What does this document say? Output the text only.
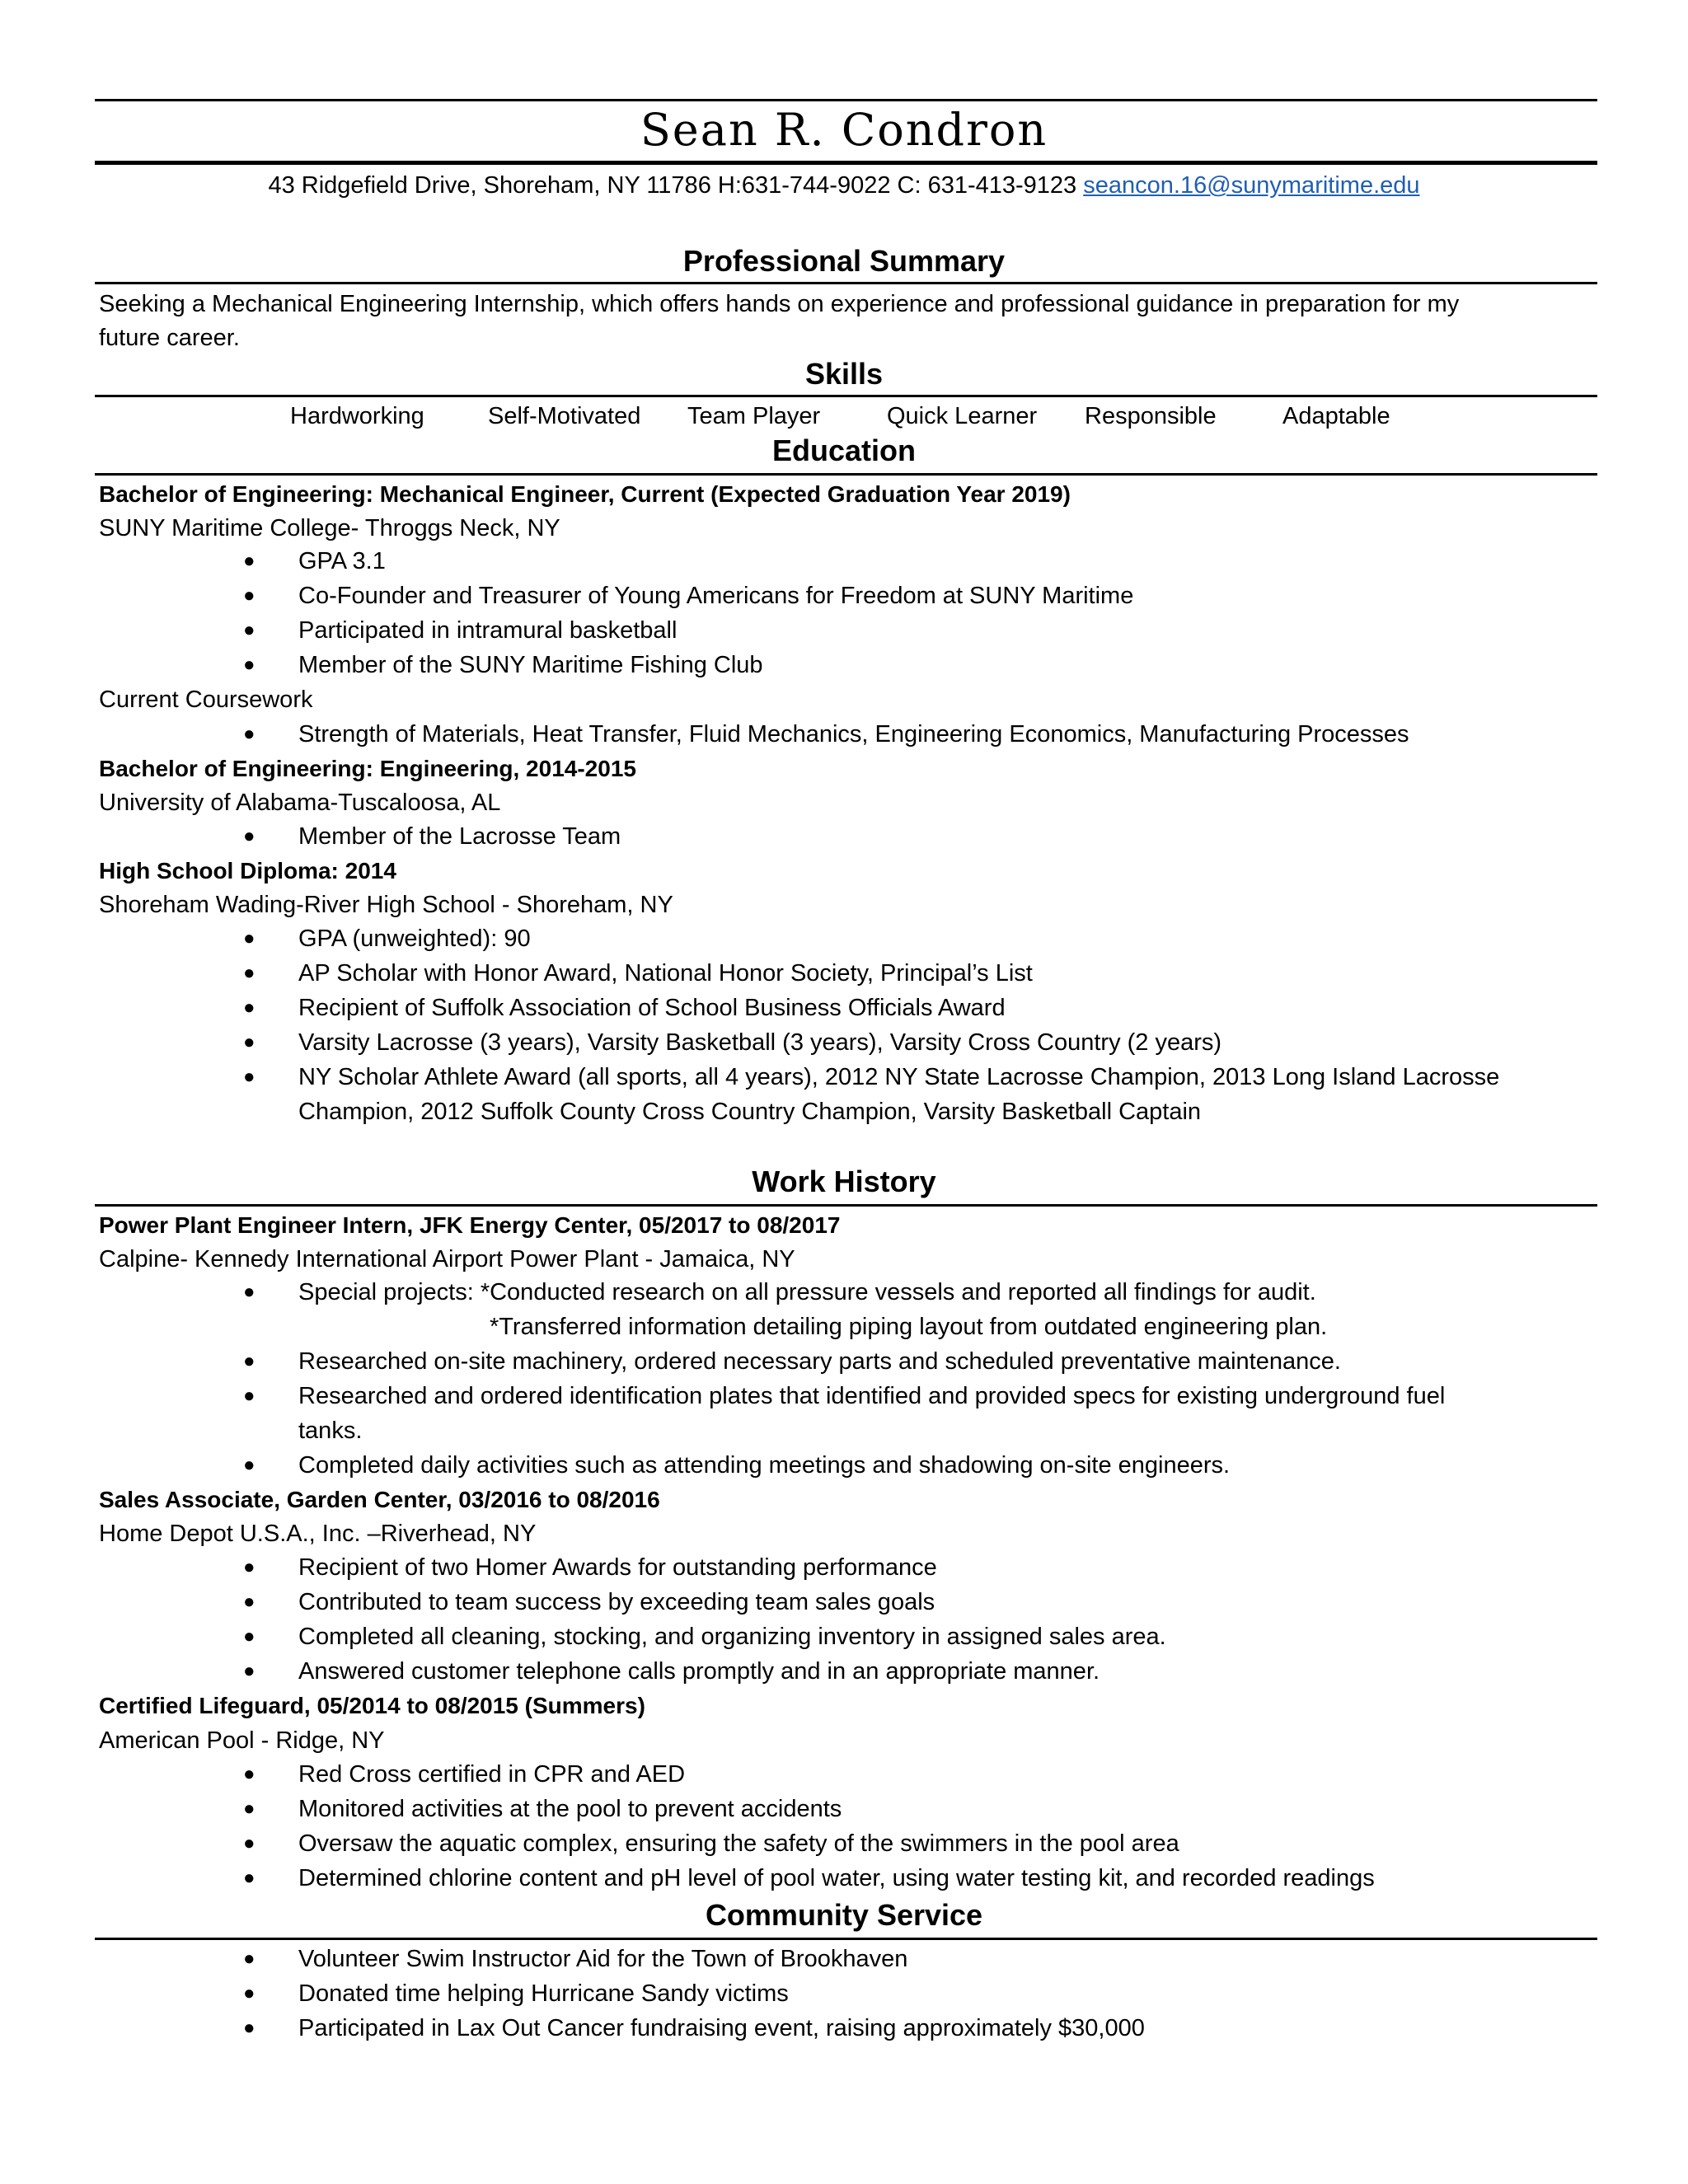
Sean R. Condron
43 Ridgefield Drive, Shoreham, NY 11786 H:631-744-9022 C: 631-413-9123 seancon.16@sunymaritime.edu
Professional Summary
Seeking a Mechanical Engineering Internship, which offers hands on experience and professional guidance in preparation for my
future career.
Skills
Hardworking	Self-Motivated Team Player	Quick Learner Responsible	Adaptable
Education
Bachelor of Engineering: Mechanical Engineer, Current (Expected Graduation Year 2019)
SUNY Maritime College- Throggs Neck, NY
● GPA 3.1
● Co-Founder and Treasurer of Young Americans for Freedom at SUNY Maritime
● Participated in intramural basketball
● Member of the SUNY Maritime Fishing Club
Current Coursework
● Strength of Materials, Heat Transfer, Fluid Mechanics, Engineering Economics, Manufacturing Processes
Bachelor of Engineering: Engineering, 2014-2015
University of Alabama-Tuscaloosa, AL
● Member of the Lacrosse Team
High School Diploma: 2014
Shoreham Wading-River High School - Shoreham, NY
● GPA (unweighted): 90
● AP Scholar with Honor Award, National Honor Society, Principal’s List
● Recipient of Suffolk Association of School Business Officials Award
● Varsity Lacrosse (3 years), Varsity Basketball (3 years), Varsity Cross Country (2 years)
● NY Scholar Athlete Award (all sports, all 4 years), 2012 NY State Lacrosse Champion, 2013 Long Island Lacrosse
Champion, 2012 Suffolk County Cross Country Champion, Varsity Basketball Captain
Work History
Power Plant Engineer Intern, JFK Energy Center, 05/2017 to 08/2017
Calpine- Kennedy International Airport Power Plant - Jamaica, NY
● Special projects: *Conducted research on all pressure vessels and reported all findings for audit.
*Transferred information detailing piping layout from outdated engineering plan.
● Researched on-site machinery, ordered necessary parts and scheduled preventative maintenance.
● Researched and ordered identification plates that identified and provided specs for existing underground fuel
tanks.
● Completed daily activities such as attending meetings and shadowing on-site engineers.
Sales Associate, Garden Center, 03/2016 to 08/2016
Home Depot U.S.A., Inc. –Riverhead, NY
● Recipient of two Homer Awards for outstanding performance
● Contributed to team success by exceeding team sales goals
● Completed all cleaning, stocking, and organizing inventory in assigned sales area.
● Answered customer telephone calls promptly and in an appropriate manner.
Certified Lifeguard, 05/2014 to 08/2015 (Summers)
American Pool - Ridge, NY
● Red Cross certified in CPR and AED
● Monitored activities at the pool to prevent accidents
● Oversaw the aquatic complex, ensuring the safety of the swimmers in the pool area
● Determined chlorine content and pH level of pool water, using water testing kit, and recorded readings
Community Service
● Volunteer Swim Instructor Aid for the Town of Brookhaven
● Donated time helping Hurricane Sandy victims
● Participated in Lax Out Cancer fundraising event, raising approximately $30,000
